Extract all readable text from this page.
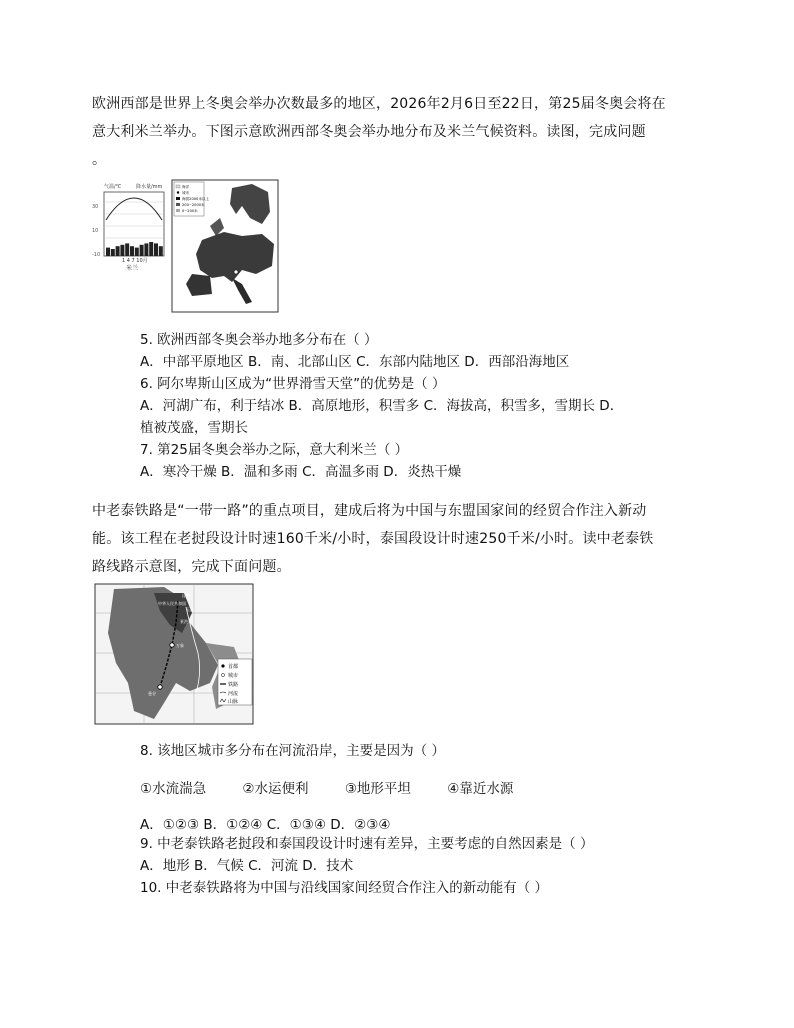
欧洲西部是世界上冬奥会举办次数最多的地区，2026年2月6日至22日，第25届冬奥会将在
意大利米兰举办。下图示意欧洲西部冬奥会举办地分布及米兰气候资料。读图，完成问题
。
气温/℃	降水量/mm
1 4 7 10月
米兰
30
10
-10
海洋
城市
海拔2000米以上
200~2000米
0~200米
5. 欧洲西部冬奥会举办地多分布在（ ）
A．中部平原地区 B．南、北部山区 C．东部内陆地区 D．西部沿海地区
6. 阿尔卑斯山区成为“世界滑雪天堂”的优势是（ ）
A．河湖广布，利于结冰 B．高原地形，积雪多 C．海拔高，积雪多，雪期长 D．
植被茂盛，雪期长
7. 第25届冬奥会举办之际，意大利米兰（ ）
A．寒冷干燥 B．温和多雨 C．高温多雨 D．炎热干燥
中老泰铁路是“一带一路”的重点项目，建成后将为中国与东盟国家间的经贸合作注入新动
能。该工程在老挝段设计时速160千米/小时，泰国段设计时速250千米/小时。读中老泰铁
路线路示意图，完成下面问题。
中华人民共和国
昆明
玉溪
景洪
万象
曼谷
首都
城市
铁路
河流
山脉
8. 该地区城市多分布在河流沿岸，主要是因为（ ）
①水流湍急	②水运便利	③地形平坦	④靠近水源
A．①②③ B．①②④ C．①③④ D．②③④
9. 中老泰铁路老挝段和泰国段设计时速有差异，主要考虑的自然因素是（ ）
A．地形 B．气候 C．河流 D．技术
10. 中老泰铁路将为中国与沿线国家间经贸合作注入的新动能有（ ）
